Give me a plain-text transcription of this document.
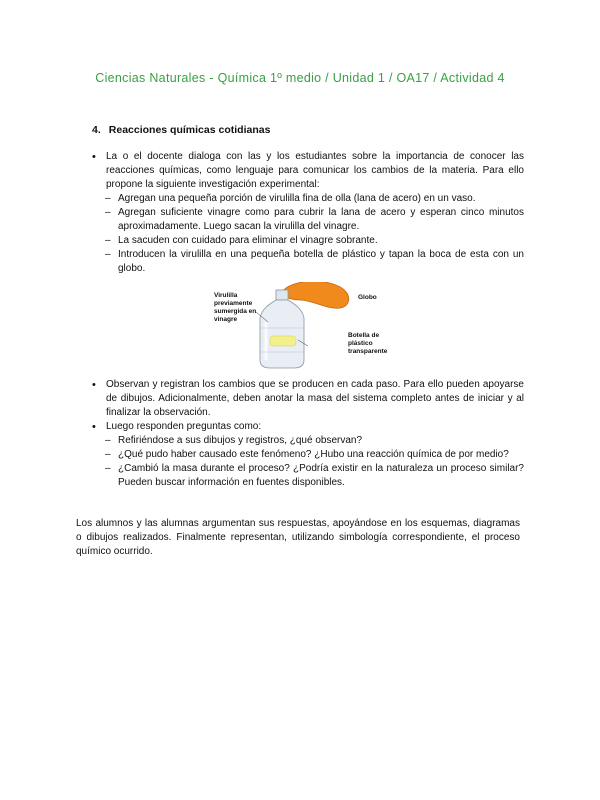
Ciencias Naturales - Química 1º medio / Unidad 1 / OA17 / Actividad 4
4. Reacciones químicas cotidianas
• La o el docente dialoga con las y los estudiantes sobre la importancia de conocer las reacciones químicas, como lenguaje para comunicar los cambios de la materia. Para ello propone la siguiente investigación experimental:
– Agregan una pequeña porción de virulilla fina de olla (lana de acero) en un vaso.
– Agregan suficiente vinagre como para cubrir la lana de acero y esperan cinco minutos aproximadamente. Luego sacan la virulilla del vinagre.
– La sacuden con cuidado para eliminar el vinagre sobrante.
– Introducen la virulilla en una pequeña botella de plástico y tapan la boca de esta con un globo.
Virulilla previamente sumergida en vinagre
Globo
Botella de plástico transparente
• Observan y registran los cambios que se producen en cada paso. Para ello pueden apoyarse de dibujos. Adicionalmente, deben anotar la masa del sistema completo antes de iniciar y al finalizar la observación.
• Luego responden preguntas como:
– Refiriéndose a sus dibujos y registros, ¿qué observan?
– ¿Qué pudo haber causado este fenómeno? ¿Hubo una reacción química de por medio?
– ¿Cambió la masa durante el proceso? ¿Podría existir en la naturaleza un proceso similar? Pueden buscar información en fuentes disponibles.
Los alumnos y las alumnas argumentan sus respuestas, apoyándose en los esquemas, diagramas o dibujos realizados. Finalmente representan, utilizando simbología correspondiente, el proceso químico ocurrido.
